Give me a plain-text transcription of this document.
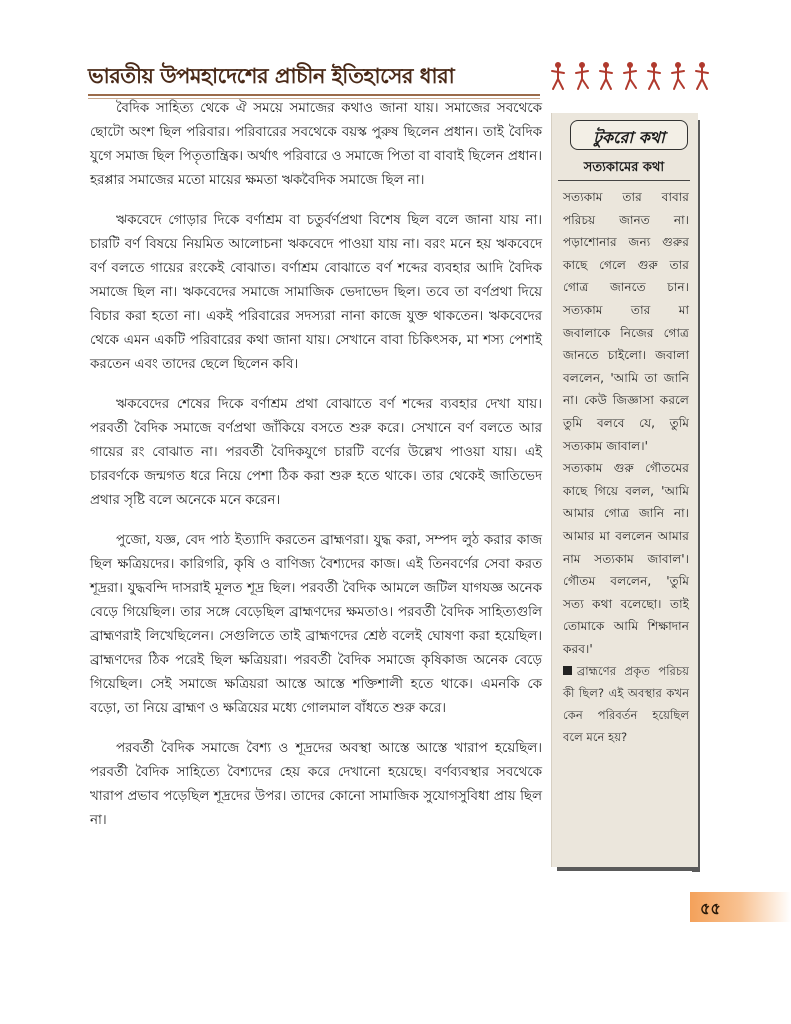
ভারতীয় উপমহাদেশের প্রাচীন ইতিহাসের ধারা

বৈদিক সাহিত্য থেকে ঐ সময়ে সমাজের কথাও জানা যায়। সমাজের সবথেকে ছোটো অংশ ছিল পরিবার। পরিবারের সবথেকে বয়স্ক পুরুষ ছিলেন প্রধান। তাই বৈদিক যুগে সমাজ ছিল পিতৃতান্ত্রিক। অর্থাৎ পরিবারে ও সমাজে পিতা বা বাবাই ছিলেন প্রধান। হরপ্পার সমাজের মতো মায়ের ক্ষমতা ঋকবৈদিক সমাজে ছিল না।

ঋকবেদে গোড়ার দিকে বর্ণাশ্রম বা চতুর্বর্ণপ্রথা বিশেষ ছিল বলে জানা যায় না। চারটি বর্ণ বিষয়ে নিয়মিত আলোচনা ঋকবেদে পাওয়া যায় না। বরং মনে হয় ঋকবেদে বর্ণ বলতে গায়ের রংকেই বোঝাত। বর্ণাশ্রম বোঝাতে বর্ণ শব্দের ব্যবহার আদি বৈদিক সমাজে ছিল না। ঋকবেদের সমাজে সামাজিক ভেদাভেদ ছিল। তবে তা বর্ণপ্রথা দিয়ে বিচার করা হতো না। একই পরিবারের সদস্যরা নানা কাজে যুক্ত থাকতেন। ঋকবেদের থেকে এমন একটি পরিবারের কথা জানা যায়। সেখানে বাবা চিকিৎসক, মা শস্য পেশাই করতেন এবং তাদের ছেলে ছিলেন কবি।

ঋকবেদের শেষের দিকে বর্ণাশ্রম প্রথা বোঝাতে বর্ণ শব্দের ব্যবহার দেখা যায়। পরবর্তী বৈদিক সমাজে বর্ণপ্রথা জাঁকিয়ে বসতে শুরু করে। সেখানে বর্ণ বলতে আর গায়ের রং বোঝাত না। পরবর্তী বৈদিকযুগে চারটি বর্ণের উল্লেখ পাওয়া যায়। এই চারবর্ণকে জন্মগত ধরে নিয়ে পেশা ঠিক করা শুরু হতে থাকে। তার থেকেই জাতিভেদ প্রথার সৃষ্টি বলে অনেকে মনে করেন।

পুজো, যজ্ঞ, বেদ পাঠ ইত্যাদি করতেন ব্রাহ্মণরা। যুদ্ধ করা, সম্পদ লুঠ করার কাজ ছিল ক্ষত্রিয়দের। কারিগরি, কৃষি ও বাণিজ্য বৈশ্যদের কাজ। এই তিনবর্ণের সেবা করত শূদ্ররা। যুদ্ধবন্দি দাসরাই মূলত শূদ্র ছিল। পরবর্তী বৈদিক আমলে জটিল যাগযজ্ঞ অনেক বেড়ে গিয়েছিল। তার সঙ্গে বেড়েছিল ব্রাহ্মণদের ক্ষমতাও। পরবর্তী বৈদিক সাহিত্যগুলি ব্রাহ্মণরাই লিখেছিলেন। সেগুলিতে তাই ব্রাহ্মণদের শ্রেষ্ঠ বলেই ঘোষণা করা হয়েছিল। ব্রাহ্মণদের ঠিক পরেই ছিল ক্ষত্রিয়রা। পরবর্তী বৈদিক সমাজে কৃষিকাজ অনেক বেড়ে গিয়েছিল। সেই সমাজে ক্ষত্রিয়রা আস্তে আস্তে শক্তিশালী হতে থাকে। এমনকি কে বড়ো, তা নিয়ে ব্রাহ্মণ ও ক্ষত্রিয়ের মধ্যে গোলমাল বাঁধতে শুরু করে।

পরবর্তী বৈদিক সমাজে বৈশ্য ও শূদ্রদের অবস্থা আস্তে আস্তে খারাপ হয়েছিল। পরবর্তী বৈদিক সাহিত্যে বৈশ্যদের হেয় করে দেখানো হয়েছে। বর্ণব্যবস্থার সবথেকে খারাপ প্রভাব পড়েছিল শূদ্রদের উপর। তাদের কোনো সামাজিক সুযোগসুবিধা প্রায় ছিল না।

টুকরো কথা
সত্যকামের কথা

সত্যকাম তার বাবার পরিচয় জানত না। পড়াশোনার জন্য গুরুর কাছে গেলে গুরু তার গোত্র জানতে চান। সত্যকাম তার মা জবালাকে নিজের গোত্র জানতে চাইলো। জবালা বললেন, 'আমি তা জানি না। কেউ জিজ্ঞাসা করলে তুমি বলবে যে, তুমি সত্যকাম জাবাল।'

সত্যকাম গুরু গৌতমের কাছে গিয়ে বলল, 'আমি আমার গোত্র জানি না। আমার মা বললেন আমার নাম সত্যকাম জাবাল'। গৌতম বললেন, 'তুমি সত্য কথা বলেছো। তাই তোমাকে আমি শিক্ষাদান করব।'

ব্রাহ্মণের প্রকৃত পরিচয় কী ছিল? এই অবস্থার কখন কেন পরিবর্তন হয়েছিল বলে মনে হয়?

৫৫
